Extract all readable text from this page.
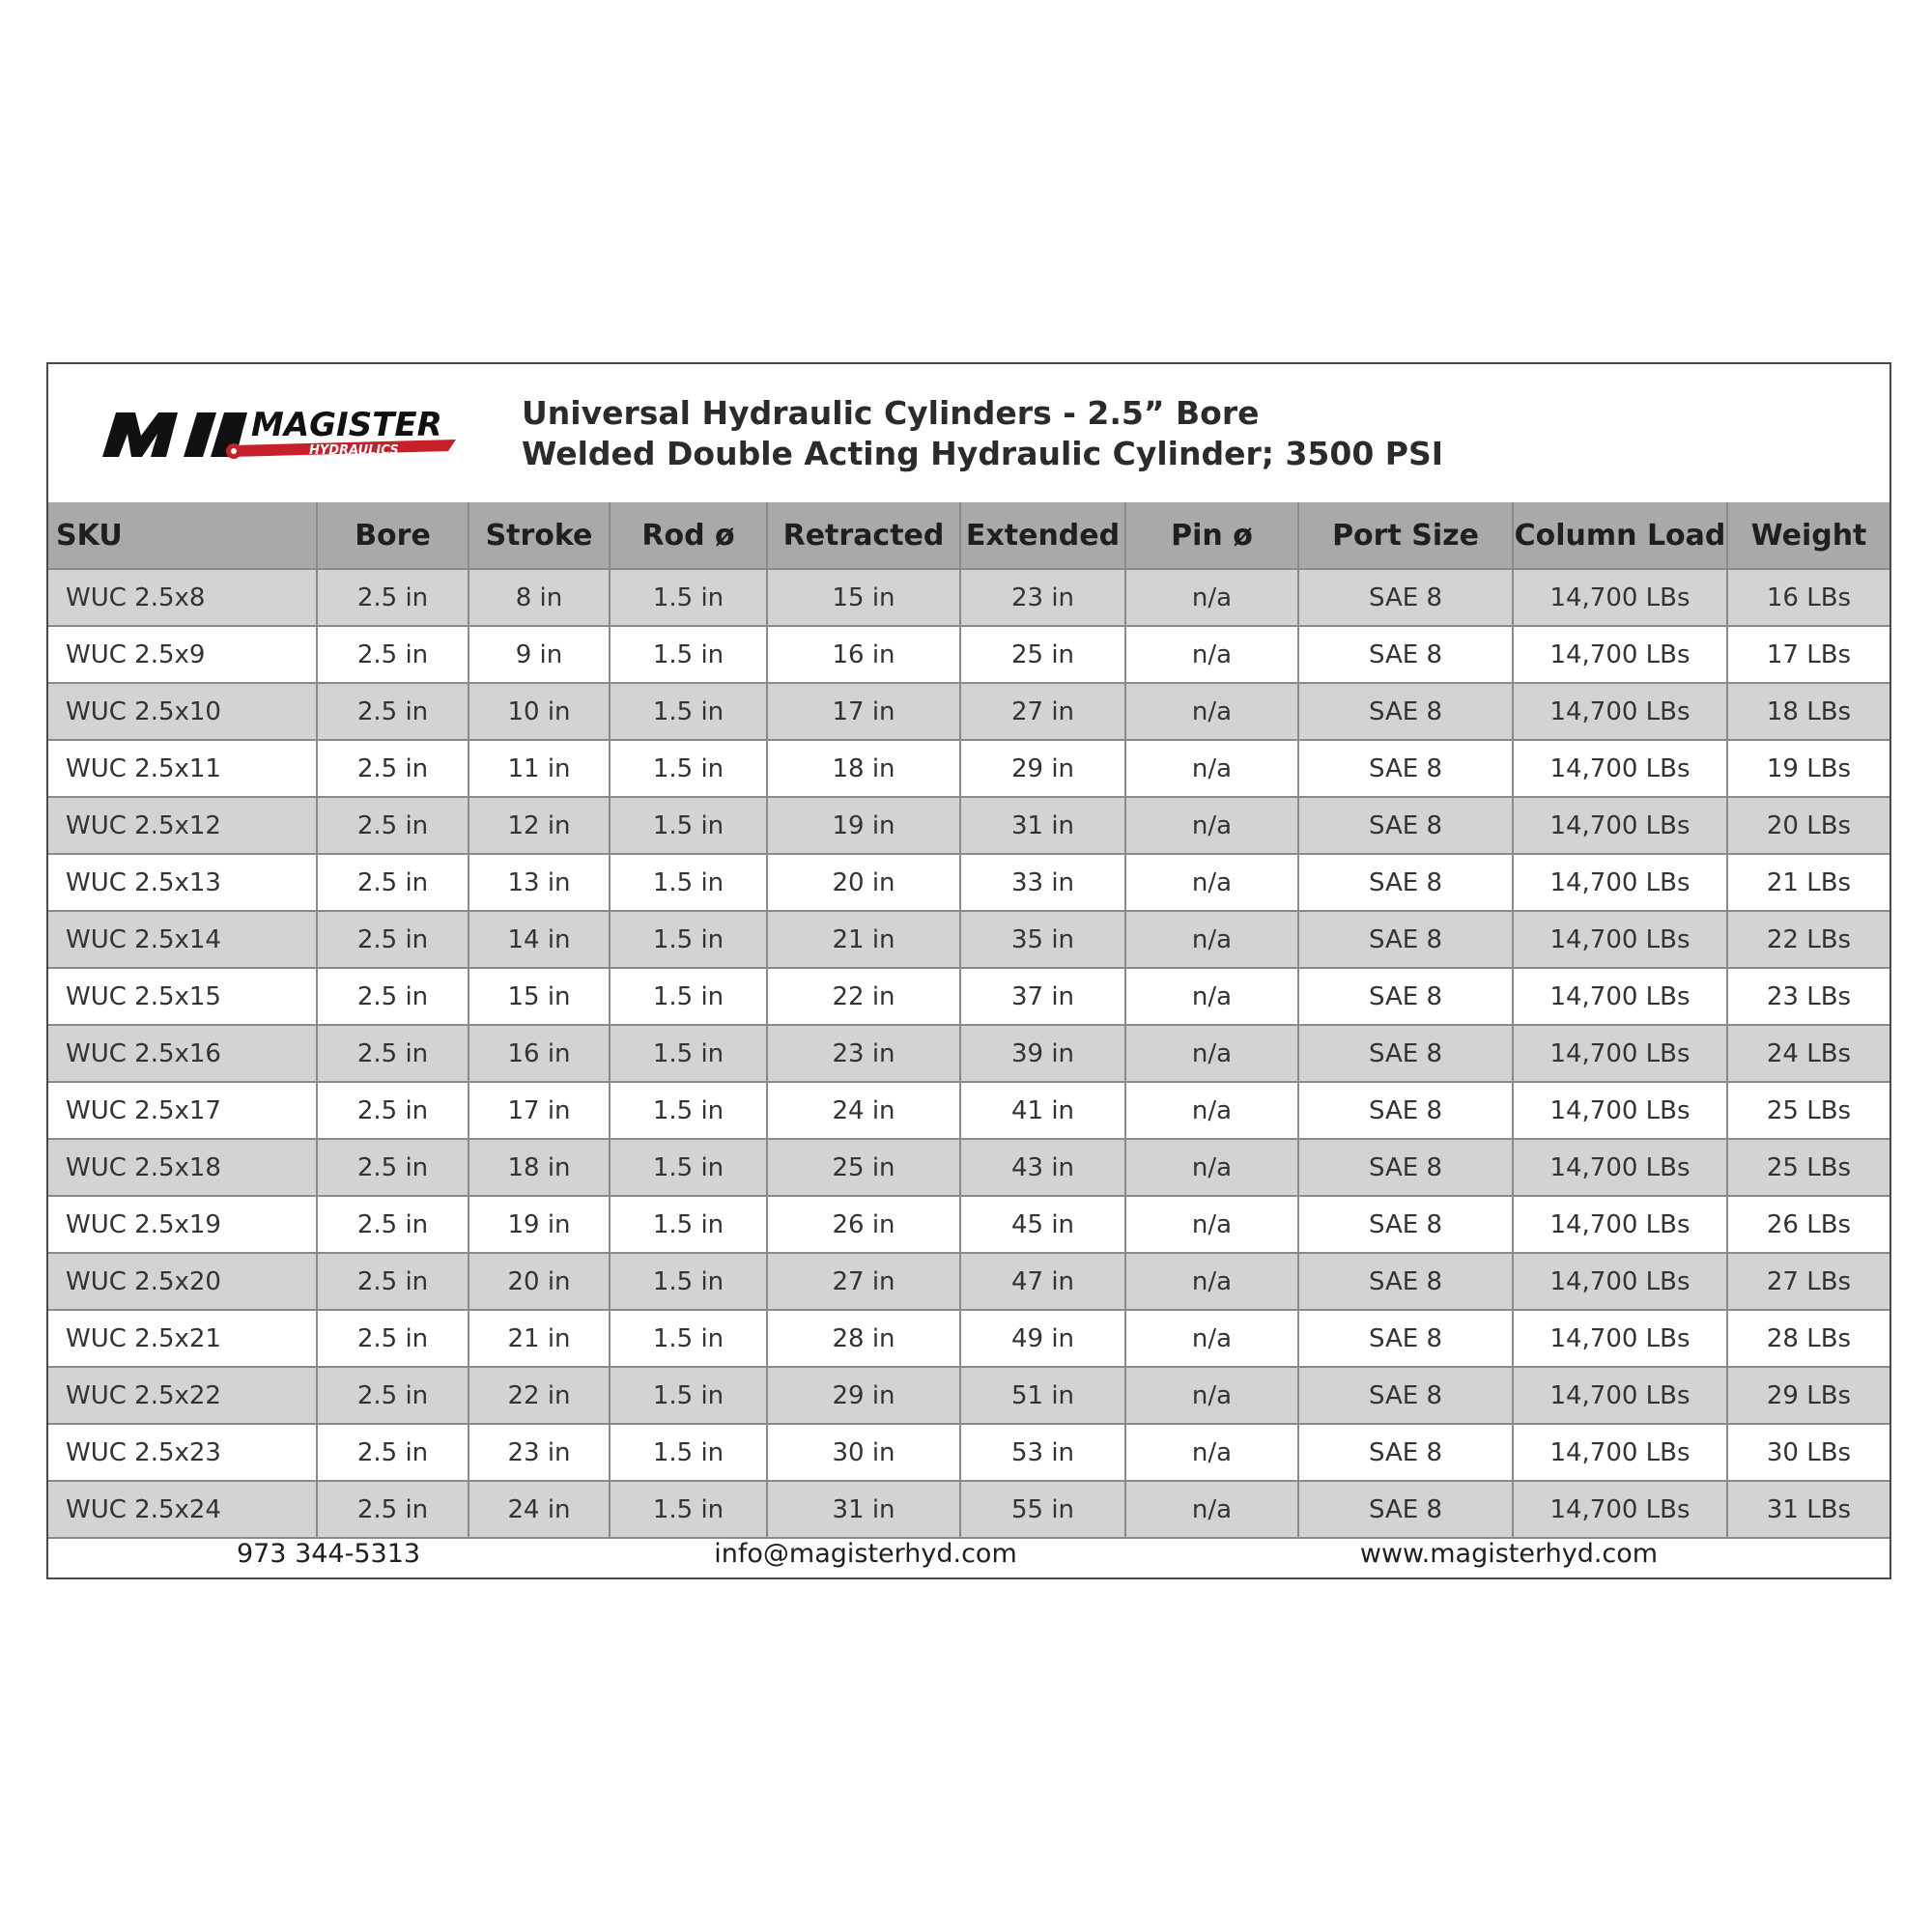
MAGISTER
HYDRAULICS
Universal Hydraulic Cylinders - 2.5” Bore
Welded Double Acting Hydraulic Cylinder; 3500 PSI
SKU	Bore	Stroke	Rod ø	Retracted	Extended	Pin ø	Port Size	Column Load	Weight
WUC 2.5x8	2.5 in	8 in	1.5 in	15 in	23 in	n/a	SAE 8	14,700 LBs	16 LBs
WUC 2.5x9	2.5 in	9 in	1.5 in	16 in	25 in	n/a	SAE 8	14,700 LBs	17 LBs
WUC 2.5x10	2.5 in	10 in	1.5 in	17 in	27 in	n/a	SAE 8	14,700 LBs	18 LBs
WUC 2.5x11	2.5 in	11 in	1.5 in	18 in	29 in	n/a	SAE 8	14,700 LBs	19 LBs
WUC 2.5x12	2.5 in	12 in	1.5 in	19 in	31 in	n/a	SAE 8	14,700 LBs	20 LBs
WUC 2.5x13	2.5 in	13 in	1.5 in	20 in	33 in	n/a	SAE 8	14,700 LBs	21 LBs
WUC 2.5x14	2.5 in	14 in	1.5 in	21 in	35 in	n/a	SAE 8	14,700 LBs	22 LBs
WUC 2.5x15	2.5 in	15 in	1.5 in	22 in	37 in	n/a	SAE 8	14,700 LBs	23 LBs
WUC 2.5x16	2.5 in	16 in	1.5 in	23 in	39 in	n/a	SAE 8	14,700 LBs	24 LBs
WUC 2.5x17	2.5 in	17 in	1.5 in	24 in	41 in	n/a	SAE 8	14,700 LBs	25 LBs
WUC 2.5x18	2.5 in	18 in	1.5 in	25 in	43 in	n/a	SAE 8	14,700 LBs	25 LBs
WUC 2.5x19	2.5 in	19 in	1.5 in	26 in	45 in	n/a	SAE 8	14,700 LBs	26 LBs
WUC 2.5x20	2.5 in	20 in	1.5 in	27 in	47 in	n/a	SAE 8	14,700 LBs	27 LBs
WUC 2.5x21	2.5 in	21 in	1.5 in	28 in	49 in	n/a	SAE 8	14,700 LBs	28 LBs
WUC 2.5x22	2.5 in	22 in	1.5 in	29 in	51 in	n/a	SAE 8	14,700 LBs	29 LBs
WUC 2.5x23	2.5 in	23 in	1.5 in	30 in	53 in	n/a	SAE 8	14,700 LBs	30 LBs
WUC 2.5x24	2.5 in	24 in	1.5 in	31 in	55 in	n/a	SAE 8	14,700 LBs	31 LBs
973 344-5313	info@magisterhyd.com	www.magisterhyd.com
